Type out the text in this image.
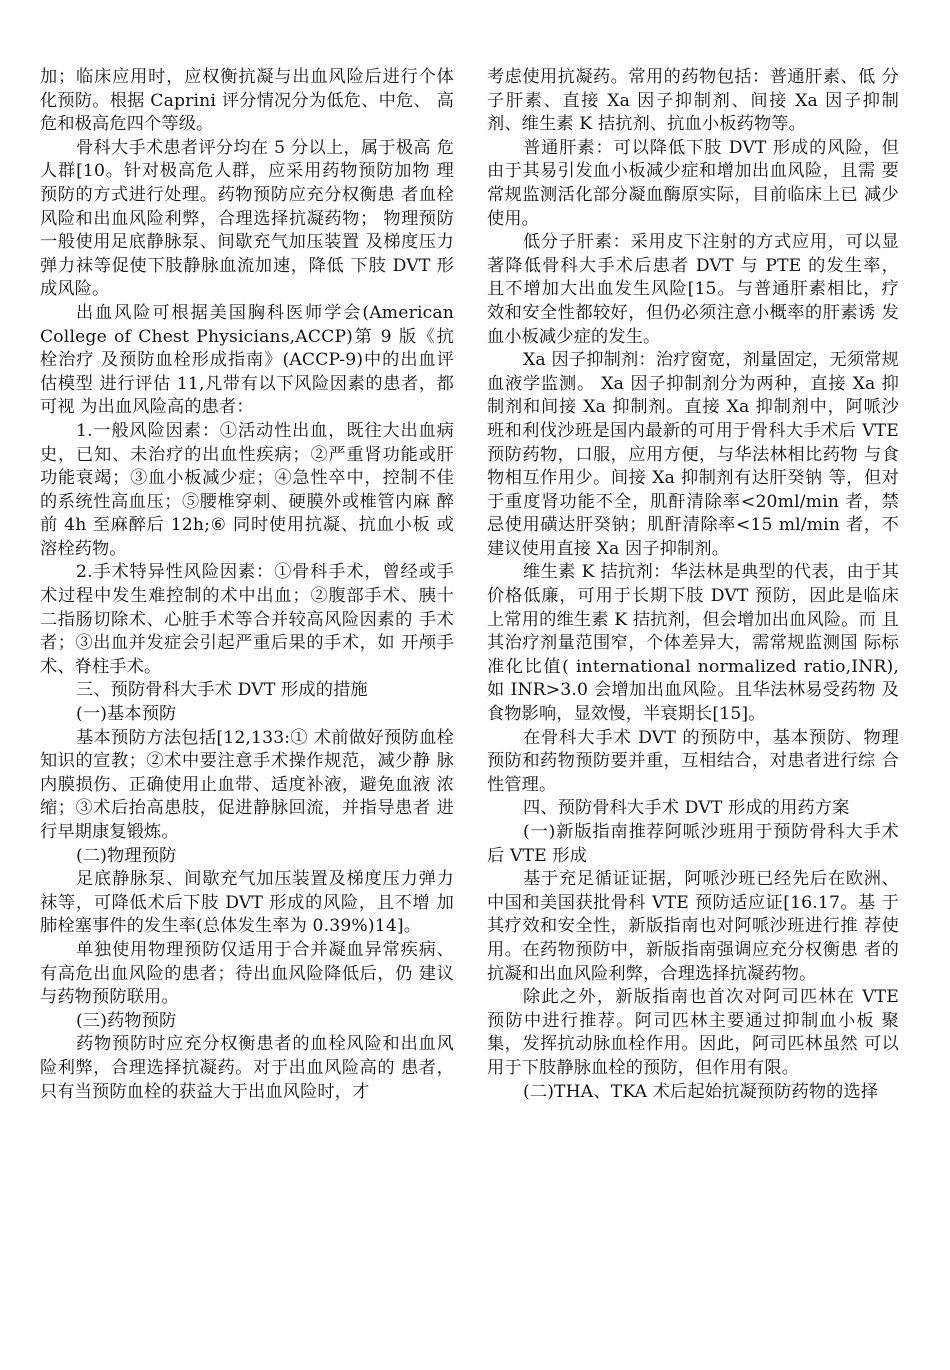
加；临床应用时，应权衡抗凝与出血风险后进行个体化预防。根据 Caprini 评分情况分为低危、中危、 高危和极高危四个等级。

骨科大手术患者评分均在 5 分以上，属于极高 危人群[10。针对极高危人群，应采用药物预防加物 理预防的方式进行处理。药物预防应充分权衡患 者血栓风险和出血风险利弊，合理选择抗凝药物； 物理预防一般使用足底静脉泵、间歇充气加压装置 及梯度压力弹力袜等促使下肢静脉血流加速，降低 下肢 DVT 形成风险。

出血风险可根据美国胸科医师学会(American College of Chest Physicians,ACCP)第 9 版《抗栓治疗 及预防血栓形成指南》(ACCP-9)中的出血评估模型 进行评估 11,凡带有以下风险因素的患者，都可视 为出血风险高的患者：

1.一般风险因素：①活动性出血，既往大出血病 史，已知、未治疗的出血性疾病；②严重肾功能或肝 功能衰竭；③血小板减少症；④急性卒中，控制不佳 的系统性高血压；⑤腰椎穿刺、硬膜外或椎管内麻 醉前 4h 至麻醉后 12h;⑥ 同时使用抗凝、抗血小板 或溶栓药物。

2.手术特异性风险因素：①骨科手术，曾经或手术过程中发生难控制的术中出血；②腹部手术、胰十二指肠切除术、心脏手术等合并较高风险因素的 手术者；③出血并发症会引起严重后果的手术，如 开颅手术、脊柱手术。

三、预防骨科大手术 DVT 形成的措施

(一)基本预防

基本预防方法包括[12,133:① 术前做好预防血栓 知识的宣教；②术中要注意手术操作规范，减少静 脉内膜损伤、正确使用止血带、适度补液，避免血液 浓缩；③术后抬高患肢，促进静脉回流，并指导患者 进行早期康复锻炼。

(二)物理预防

足底静脉泵、间歇充气加压装置及梯度压力弹力袜等，可降低术后下肢 DVT 形成的风险，且不增 加肺栓塞事件的发生率(总体发生率为 0.39%)14]。

单独使用物理预防仅适用于合并凝血异常疾病、有高危出血风险的患者；待出血风险降低后，仍 建议与药物预防联用。

(三)药物预防

药物预防时应充分权衡患者的血栓风险和出血风险利弊，合理选择抗凝药。对于出血风险高的 患者，只有当预防血栓的获益大于出血风险时，才

考虑使用抗凝药。常用的药物包括：普通肝素、低 分子肝素、直接 Xa 因子抑制剂、间接 Xa 因子抑制 剂、维生素 K 拮抗剂、抗血小板药物等。

普通肝素：可以降低下肢 DVT 形成的风险，但 由于其易引发血小板减少症和增加出血风险，且需 要常规监测活化部分凝血酶原实际，目前临床上已 减少使用。

低分子肝素：采用皮下注射的方式应用，可以显著降低骨科大手术后患者 DVT 与 PTE 的发生率， 且不增加大出血发生风险[15。与普通肝素相比，疗 效和安全性都较好，但仍必须注意小概率的肝素诱 发血小板减少症的发生。

Xa 因子抑制剂：治疗窗宽，剂量固定，无须常规 血液学监测。 Xa 因子抑制剂分为两种，直接 Xa 抑 制剂和间接 Xa 抑制剂。直接 Xa 抑制剂中，阿哌沙 班和利伐沙班是国内最新的可用于骨科大手术后 VTE 预防药物，口服，应用方便，与华法林相比药物 与食物相互作用少。间接 Xa 抑制剂有达肝癸钠 等，但对于重度肾功能不全，肌酐清除率<20ml/min 者，禁忌使用磺达肝癸钠；肌酐清除率<15 ml/min 者，不建议使用直接 Xa 因子抑制剂。

维生素 K 拮抗剂：华法林是典型的代表，由于其 价格低廉，可用于长期下肢 DVT 预防，因此是临床 上常用的维生素 K 拮抗剂，但会增加出血风险。而 且其治疗剂量范围窄，个体差异大，需常规监测国 际标准化比值( international normalized ratio,INR), 如 INR>3.0 会增加出血风险。且华法林易受药物 及食物影响，显效慢，半衰期长[15]。

在骨科大手术 DVT 的预防中，基本预防、物理 预防和药物预防要并重，互相结合，对患者进行综 合性管理。

四、预防骨科大手术 DVT 形成的用药方案

(一)新版指南推荐阿哌沙班用于预防骨科大手术后 VTE 形成

基于充足循证证据，阿哌沙班已经先后在欧洲、中国和美国获批骨科 VTE 预防适应证[16.17。基 于其疗效和安全性，新版指南也对阿哌沙班进行推 荐使用。在药物预防中，新版指南强调应充分权衡患 者的抗凝和出血风险利弊，合理选择抗凝药物。

除此之外，新版指南也首次对阿司匹林在 VTE 预防中进行推荐。阿司匹林主要通过抑制血小板 聚集，发挥抗动脉血栓作用。因此，阿司匹林虽然 可以用于下肢静脉血栓的预防，但作用有限。

(二)THA、TKA 术后起始抗凝预防药物的选择
